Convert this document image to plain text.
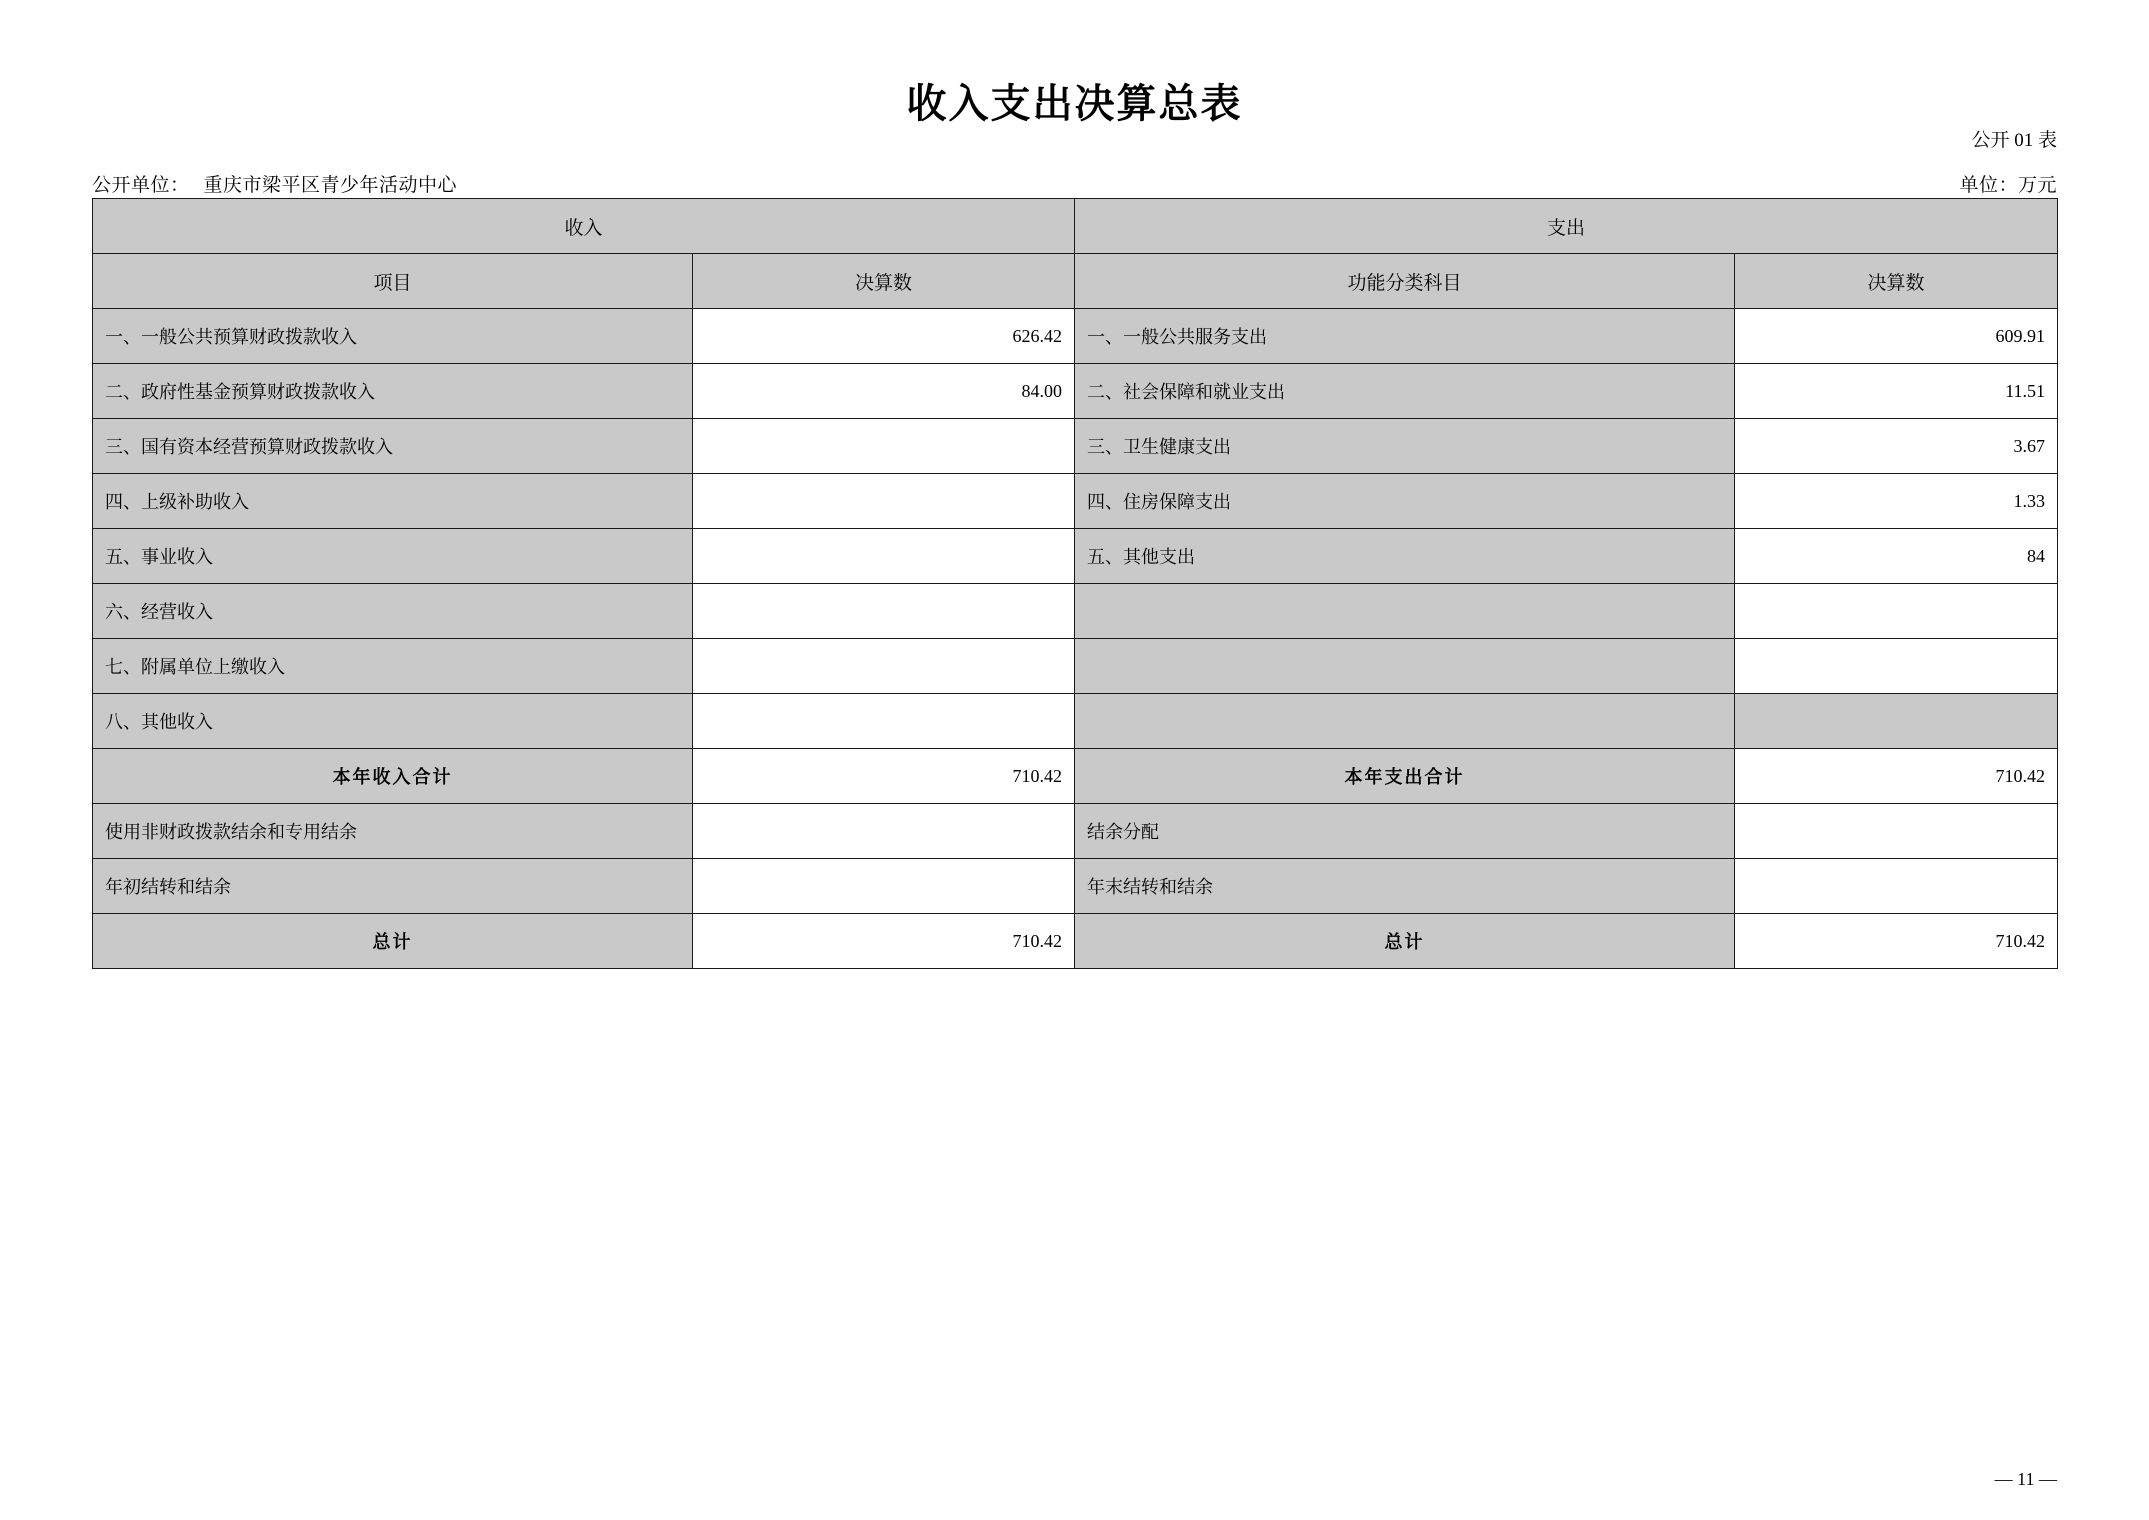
收入支出决算总表
公开 01 表
公开单位： 重庆市梁平区青少年活动中心	单位：万元
收入		支出	
项目	决算数	功能分类科目	决算数
一、一般公共预算财政拨款收入	626.42	一、一般公共服务支出	609.91
二、政府性基金预算财政拨款收入	84.00	二、社会保障和就业支出	11.51
三、国有资本经营预算财政拨款收入		三、卫生健康支出	3.67
四、上级补助收入		四、住房保障支出	1.33
五、事业收入		五、其他支出	84
六、经营收入			
七、附属单位上缴收入			
八、其他收入			
本年收入合计	710.42	本年支出合计	710.42
使用非财政拨款结余和专用结余		结余分配	
年初结转和结余		年末结转和结余	
总计	710.42	总计	710.42
— 11 —
